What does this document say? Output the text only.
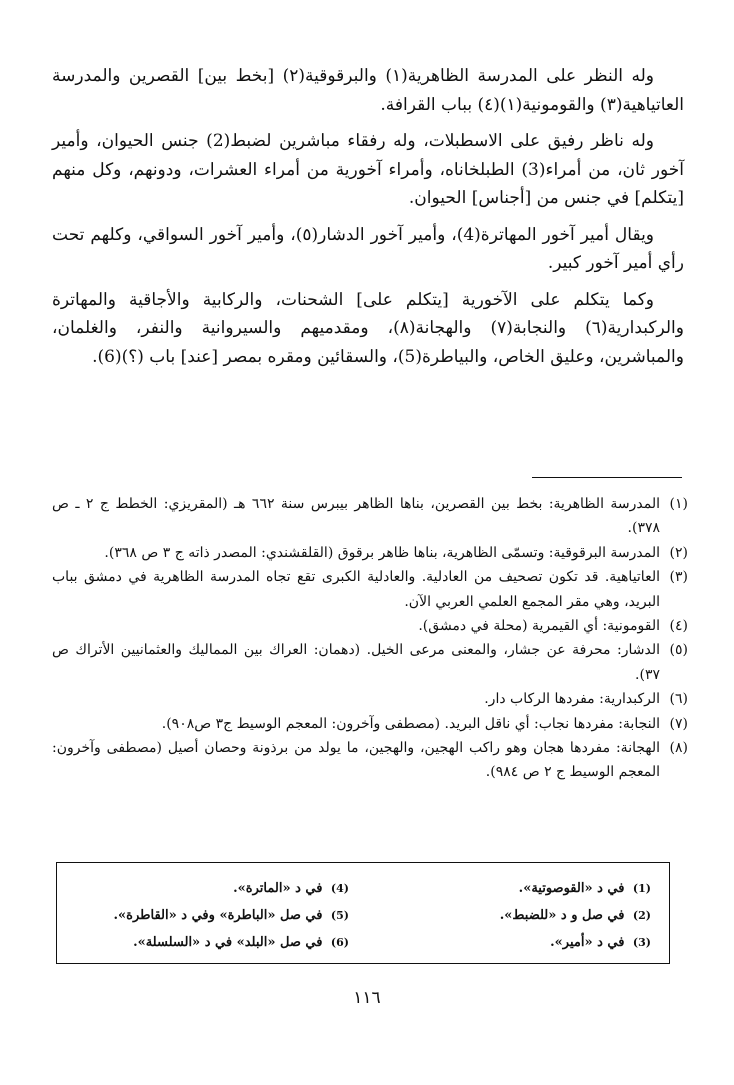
وله النظر على المدرسة الظاهرية(١) والبرقوقية(٢) [بخط بين] القصرين والمدرسة العاتياهية(٣) والقومونية(١)(٤) بباب القرافة.

وله ناظر رفيق على الاسطبلات، وله رفقاء مباشرين لضبط(2) جنس الحيوان، وأمير آخور ثان، من أمراء(3) الطبلخاناه، وأمراء آخورية من أمراء العشرات، ودونهم، وكل منهم [يتكلم] في جنس من [أجناس] الحيوان.

ويقال أمير آخور المهاترة(4)، وأمير آخور الدشار(٥)، وأمير آخور السواقي، وكلهم تحت رأي أمير آخور كبير.

وكما يتكلم على الآخورية [يتكلم على] الشحنات، والركابية والأجاقية والمهاترة والركبدارية(٦) والنجابة(٧) والهجانة(٨)، ومقدميهم والسيروانية والنفر، والغلمان، والمباشرين، وعليق الخاص، والبياطرة(5)، والسقائين ومقره بمصر [عند] باب (؟)(6).

(١)
المدرسة الظاهرية: بخط بين القصرين، بناها الظاهر بيبرس سنة ٦٦٢ هـ (المقريزي: الخطط ج ٢ ـ ص ٣٧٨).
(٢)
المدرسة البرقوقية: وتسمّى الظاهرية، بناها ظاهر برقوق (القلقشندي: المصدر ذاته ج ٣ ص ٣٦٨).
(٣)
العاتياهية. قد تكون تصحيف من العادلية. والعادلية الكبرى تقع تجاه المدرسة الظاهرية في دمشق بباب البريد، وهي مقر المجمع العلمي العربي الآن.
(٤)
القومونية: أي القيمرية (محلة في دمشق).
(٥)
الدشار: محرفة عن جشار، والمعنى مرعى الخيل. (دهمان: العراك بين المماليك والعثمانيين الأتراك ص ٣٧).
(٦)
الركبدارية: مفردها الركاب دار.
(٧)
النجابة: مفردها نجاب: أي ناقل البريد. (مصطفى وآخرون: المعجم الوسيط ج٣ ص٩٠٨).
(٨)
الهجانة: مفردها هجان وهو راكب الهجين، والهجين، ما يولد من برذونة وحصان أصيل (مصطفى وآخرون: المعجم الوسيط ج ٢ ص ٩٨٤).
(1) في د «القوصوتية».
(2) في صل و د «للضبط».
(3) في د «أمير».
(4) في د «الماترة».
(5) في صل «الباطرة» وفي د «القاطرة».
(6) في صل «البلد» في د «السلسلة».
١١٦
